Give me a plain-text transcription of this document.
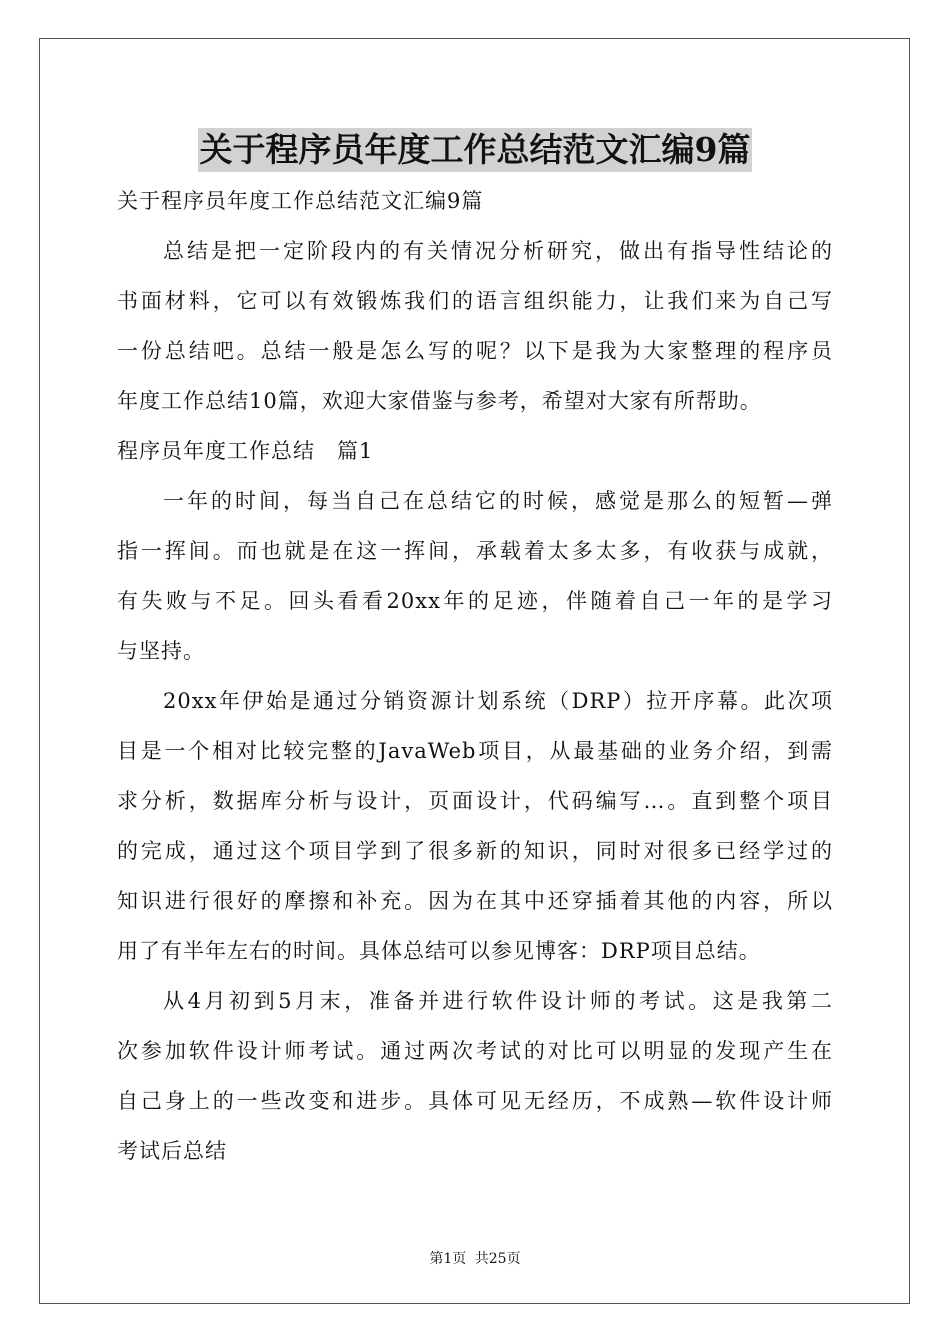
关于程序员年度工作总结范文汇编9篇

关于程序员年度工作总结范文汇编9篇

总结是把一定阶段内的有关情况分析研究，做出有指导性结论的

书面材料，它可以有效锻炼我们的语言组织能力，让我们来为自己写

一份总结吧。总结一般是怎么写的呢？以下是我为大家整理的程序员

年度工作总结10篇，欢迎大家借鉴与参考，希望对大家有所帮助。

程序员年度工作总结　篇1

一年的时间，每当自己在总结它的时候，感觉是那么的短暂—弹

指一挥间。而也就是在这一挥间，承载着太多太多，有收获与成就，

有失败与不足。回头看看20xx年的足迹，伴随着自己一年的是学习

与坚持。

20xx年伊始是通过分销资源计划系统（DRP）拉开序幕。此次项

目是一个相对比较完整的JavaWeb项目，从最基础的业务介绍，到需

求分析，数据库分析与设计，页面设计，代码编写…。直到整个项目

的完成，通过这个项目学到了很多新的知识，同时对很多已经学过的

知识进行很好的摩擦和补充。因为在其中还穿插着其他的内容，所以

用了有半年左右的时间。具体总结可以参见博客：DRP项目总结。

从4月初到5月末，准备并进行软件设计师的考试。这是我第二

次参加软件设计师考试。通过两次考试的对比可以明显的发现产生在

自己身上的一些改变和进步。具体可见无经历，不成熟—软件设计师

考试后总结

第1页 共25页
